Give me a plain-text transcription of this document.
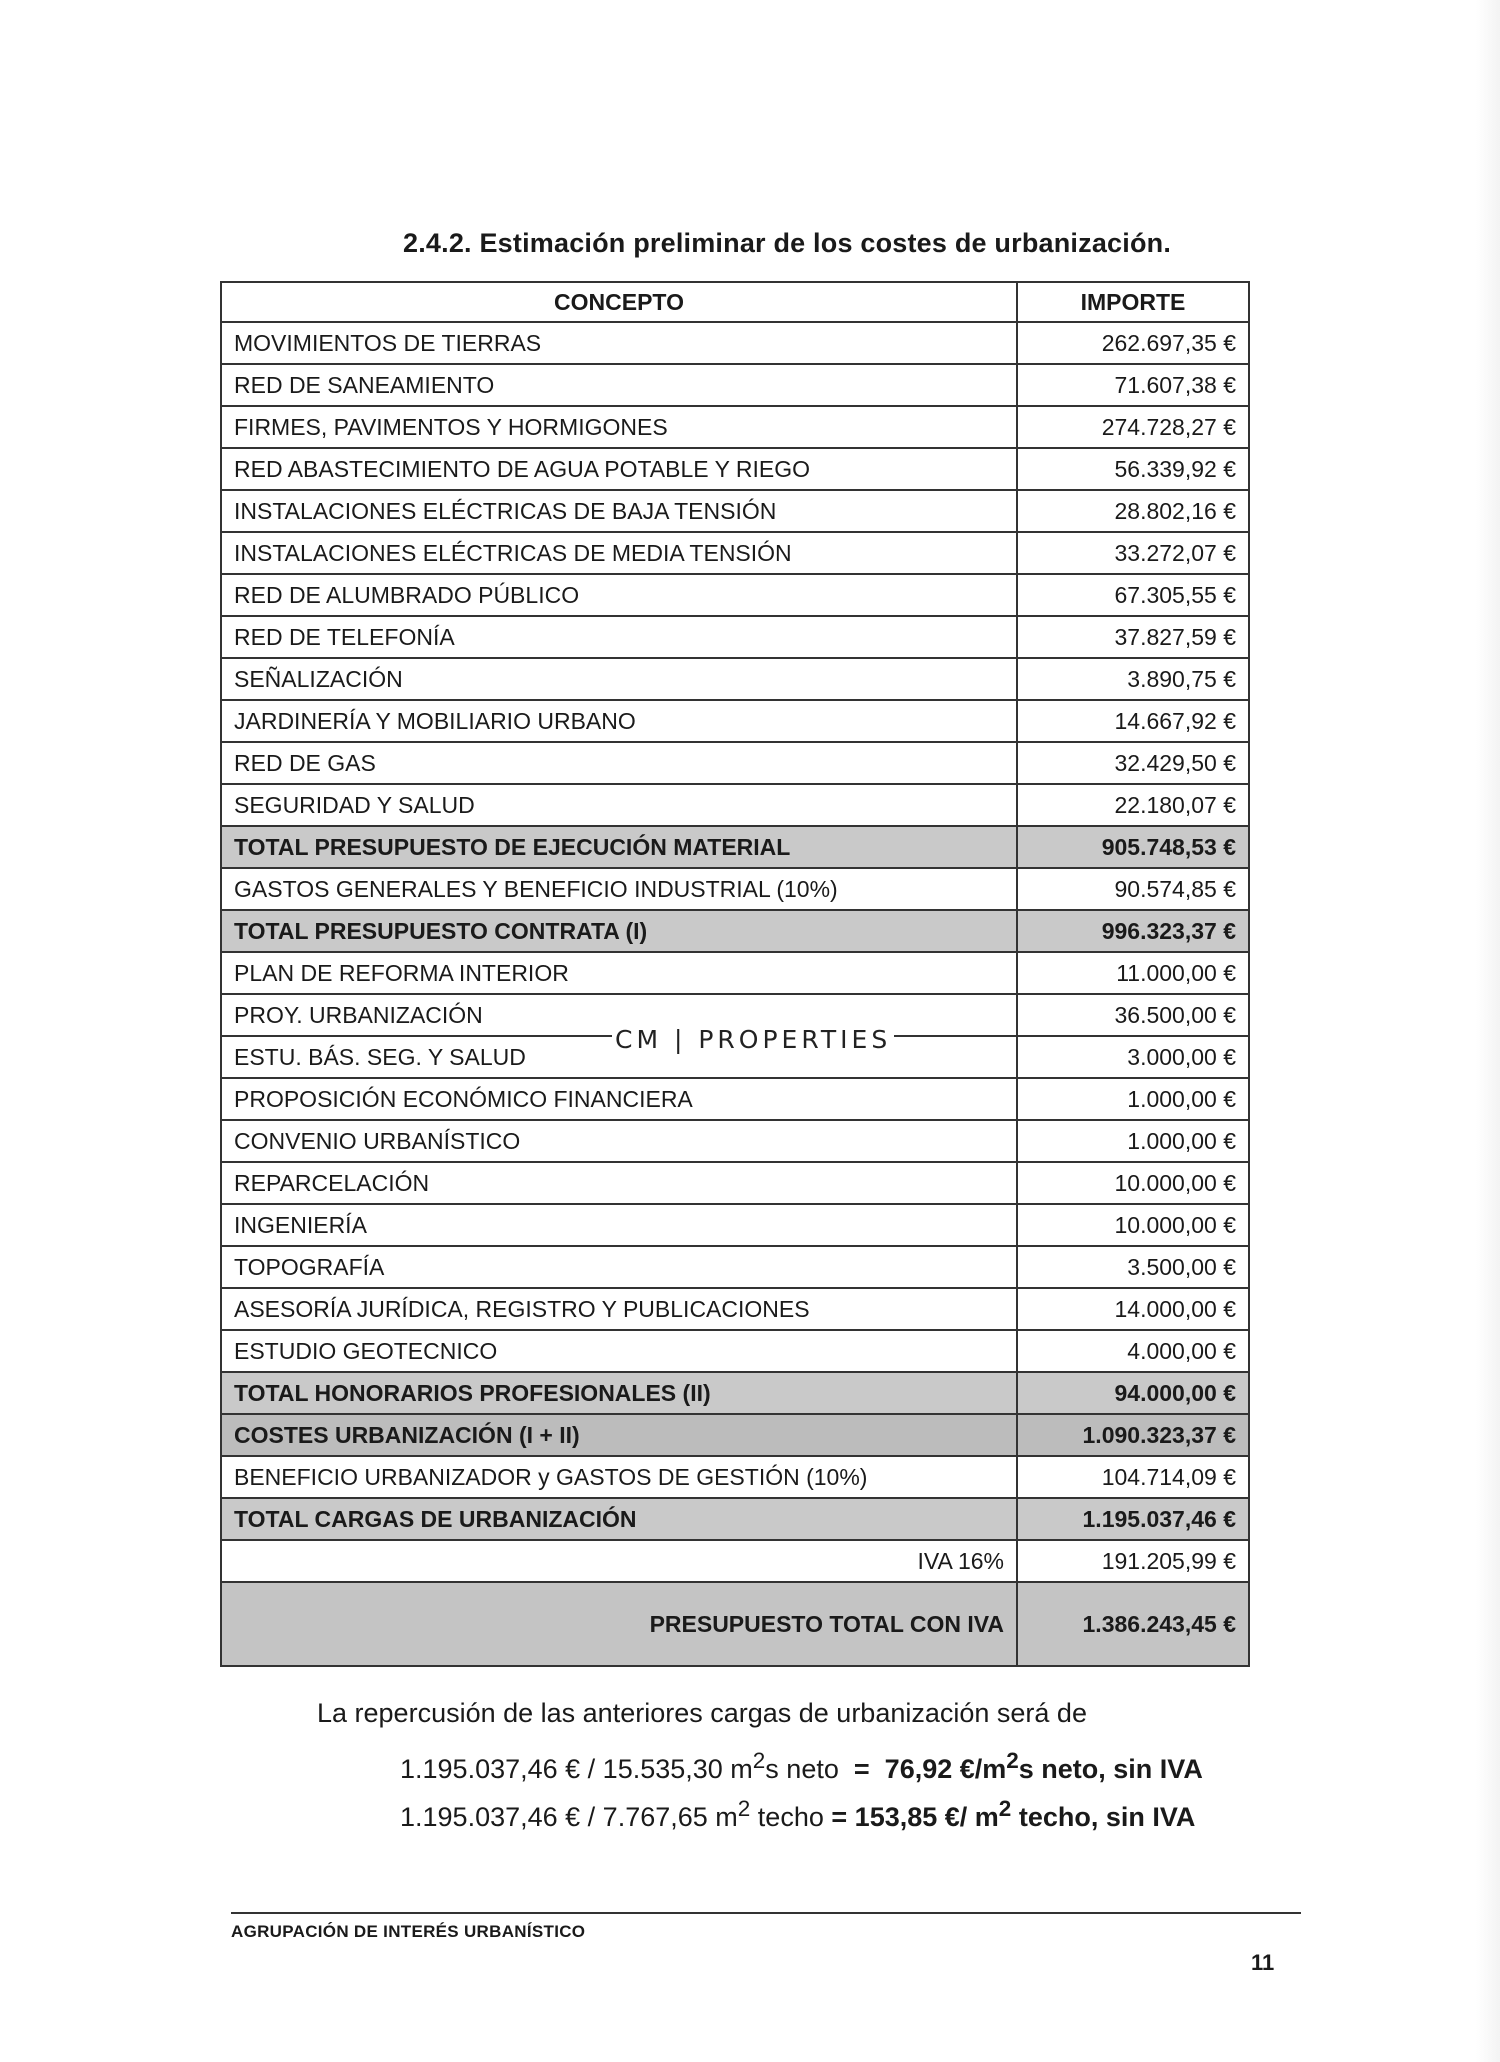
2.4.2. Estimación preliminar de los costes de urbanización.
CONCEPTO	IMPORTE
MOVIMIENTOS DE TIERRAS	262.697,35 €
RED DE SANEAMIENTO	71.607,38 €
FIRMES, PAVIMENTOS Y HORMIGONES	274.728,27 €
RED ABASTECIMIENTO DE AGUA POTABLE Y RIEGO	56.339,92 €
INSTALACIONES ELÉCTRICAS DE BAJA TENSIÓN	28.802,16 €
INSTALACIONES ELÉCTRICAS DE MEDIA TENSIÓN	33.272,07 €
RED DE ALUMBRADO PÚBLICO	67.305,55 €
RED DE TELEFONÍA	37.827,59 €
SEÑALIZACIÓN	3.890,75 €
JARDINERÍA Y MOBILIARIO URBANO	14.667,92 €
RED DE GAS	32.429,50 €
SEGURIDAD Y SALUD	22.180,07 €
TOTAL PRESUPUESTO DE EJECUCIÓN MATERIAL	905.748,53 €
GASTOS GENERALES Y BENEFICIO INDUSTRIAL (10%)	90.574,85 €
TOTAL PRESUPUESTO CONTRATA (I)	996.323,37 €
PLAN DE REFORMA INTERIOR	11.000,00 €
PROY. URBANIZACIÓN	36.500,00 €
ESTU. BÁS. SEG. Y SALUD	3.000,00 €
PROPOSICIÓN ECONÓMICO FINANCIERA	1.000,00 €
CONVENIO URBANÍSTICO	1.000,00 €
REPARCELACIÓN	10.000,00 €
INGENIERÍA	10.000,00 €
TOPOGRAFÍA	3.500,00 €
ASESORÍA JURÍDICA, REGISTRO Y PUBLICACIONES	14.000,00 €
ESTUDIO GEOTECNICO	4.000,00 €
TOTAL HONORARIOS PROFESIONALES (II)	94.000,00 €
COSTES URBANIZACIÓN (I + II)	1.090.323,37 €
BENEFICIO URBANIZADOR y GASTOS DE GESTIÓN (10%)	104.714,09 €
TOTAL CARGAS DE URBANIZACIÓN	1.195.037,46 €
IVA 16%	191.205,99 €
PRESUPUESTO TOTAL CON IVA	1.386.243,45 €
CM | PROPERTIES
La repercusión de las anteriores cargas de urbanización será de
1.195.037,46 € / 15.535,30 $m^2s$ neto = 76,92 $€/m^2s$ neto, sin IVA
1.195.037,46 € / 7.767,65 $m^2$ techo = 153,85 €/ $m^2$ techo, sin IVA
AGRUPACIÓN DE INTERÉS URBANÍSTICO
11
